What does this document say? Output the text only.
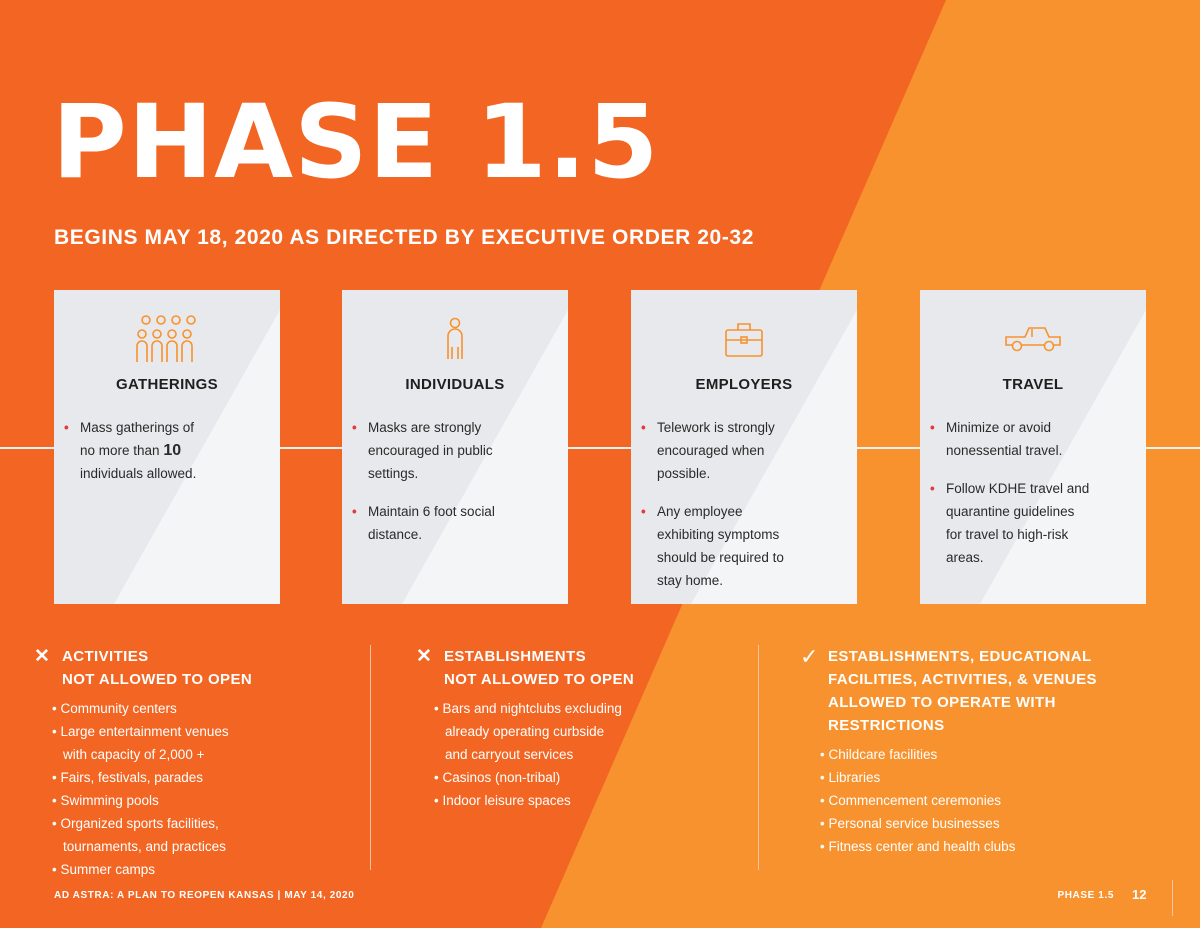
PHASE 1.5
BEGINS MAY 18, 2020 AS DIRECTED BY EXECUTIVE ORDER 20-32
GATHERINGS
• Mass gatherings of
no more than 10
individuals allowed.
INDIVIDUALS
• Masks are strongly
encouraged in public
settings.
• Maintain 6 foot social
distance.
EMPLOYERS
• Telework is strongly
encouraged when
possible.
• Any employee
exhibiting symptoms
should be required to
stay home.
TRAVEL
• Minimize or avoid
nonessential travel.
• Follow KDHE travel and
quarantine guidelines
for travel to high-risk
areas.
✕ ACTIVITIES
NOT ALLOWED TO OPEN
• Community centers
• Large entertainment venues
with capacity of 2,000 +
• Fairs, festivals, parades
• Swimming pools
• Organized sports facilities,
tournaments, and practices
• Summer camps
✕ ESTABLISHMENTS
NOT ALLOWED TO OPEN
• Bars and nightclubs excluding
already operating curbside
and carryout services
• Casinos (non-tribal)
• Indoor leisure spaces
✓ ESTABLISHMENTS, EDUCATIONAL
FACILITIES, ACTIVITIES, & VENUES
ALLOWED TO OPERATE WITH
RESTRICTIONS
• Childcare facilities
• Libraries
• Commencement ceremonies
• Personal service businesses
• Fitness center and health clubs
AD ASTRA: A PLAN TO REOPEN KANSAS | MAY 14, 2020	PHASE 1.5 12
